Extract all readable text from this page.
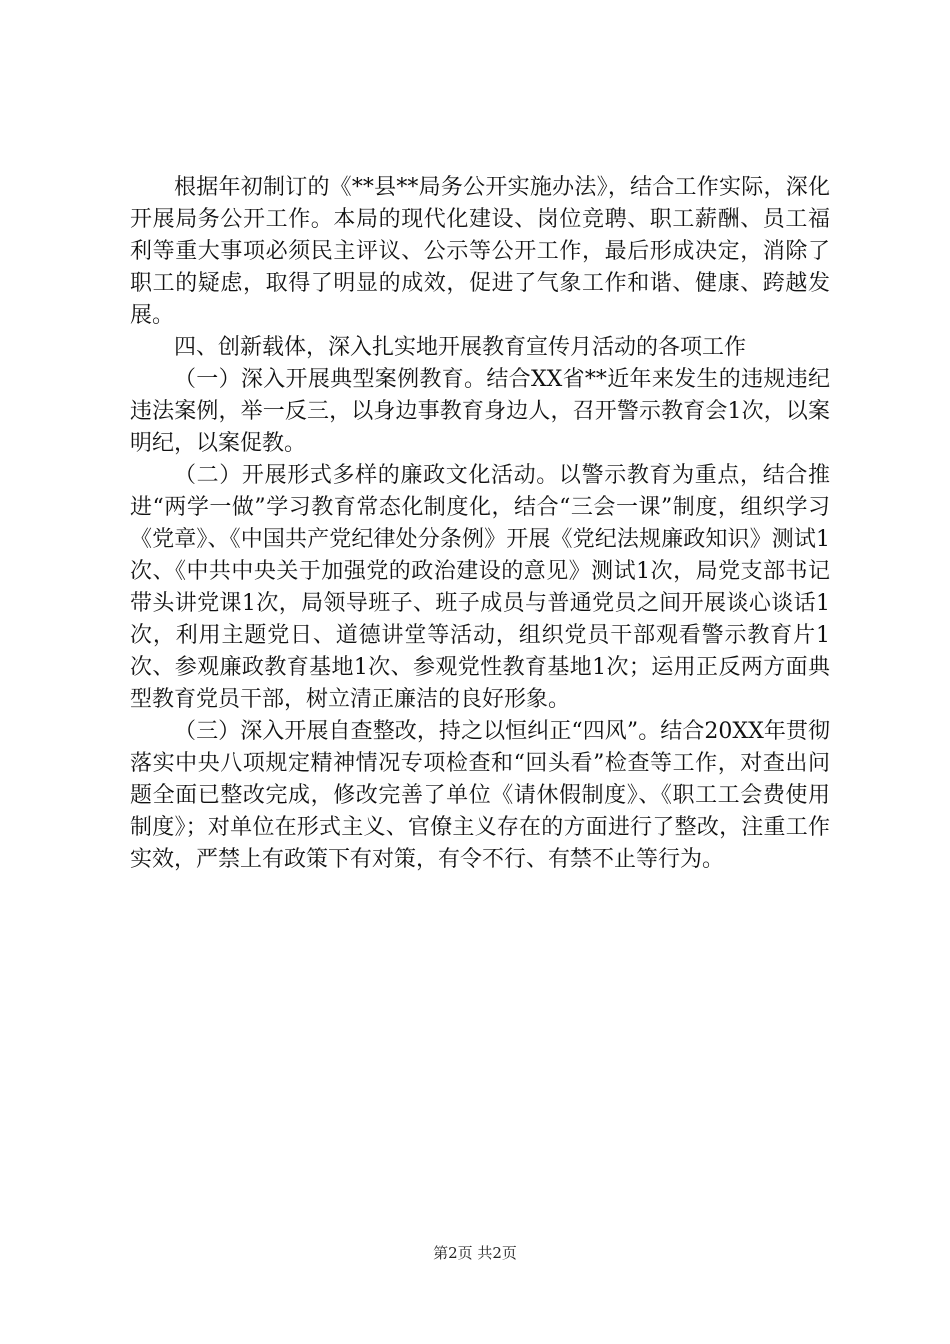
根据年初制订的《**县**局务公开实施办法》，结合工作实际，深化开展局务公开工作。本局的现代化建设、岗位竞聘、职工薪酬、员工福利等重大事项必须民主评议、公示等公开工作，最后形成决定，消除了职工的疑虑，取得了明显的成效，促进了气象工作和谐、健康、跨越发展。

四、创新载体，深入扎实地开展教育宣传月活动的各项工作

（一）深入开展典型案例教育。结合XX省**近年来发生的违规违纪违法案例，举一反三，以身边事教育身边人，召开警示教育会1次，以案明纪，以案促教。

（二）开展形式多样的廉政文化活动。以警示教育为重点，结合推进“两学一做”学习教育常态化制度化，结合“三会一课”制度，组织学习《党章》、《中国共产党纪律处分条例》开展《党纪法规廉政知识》测试1次、《中共中央关于加强党的政治建设的意见》测试1次，局党支部书记带头讲党课1次，局领导班子、班子成员与普通党员之间开展谈心谈话1次，利用主题党日、道德讲堂等活动，组织党员干部观看警示教育片1次、参观廉政教育基地1次、参观党性教育基地1次；运用正反两方面典型教育党员干部，树立清正廉洁的良好形象。

（三）深入开展自查整改，持之以恒纠正“四风”。结合20XX年贯彻落实中央八项规定精神情况专项检查和“回头看”检查等工作，对查出问题全面已整改完成，修改完善了单位《请休假制度》、《职工工会费使用制度》；对单位在形式主义、官僚主义存在的方面进行了整改，注重工作实效，严禁上有政策下有对策，有令不行、有禁不止等行为。

第2页 共2页
